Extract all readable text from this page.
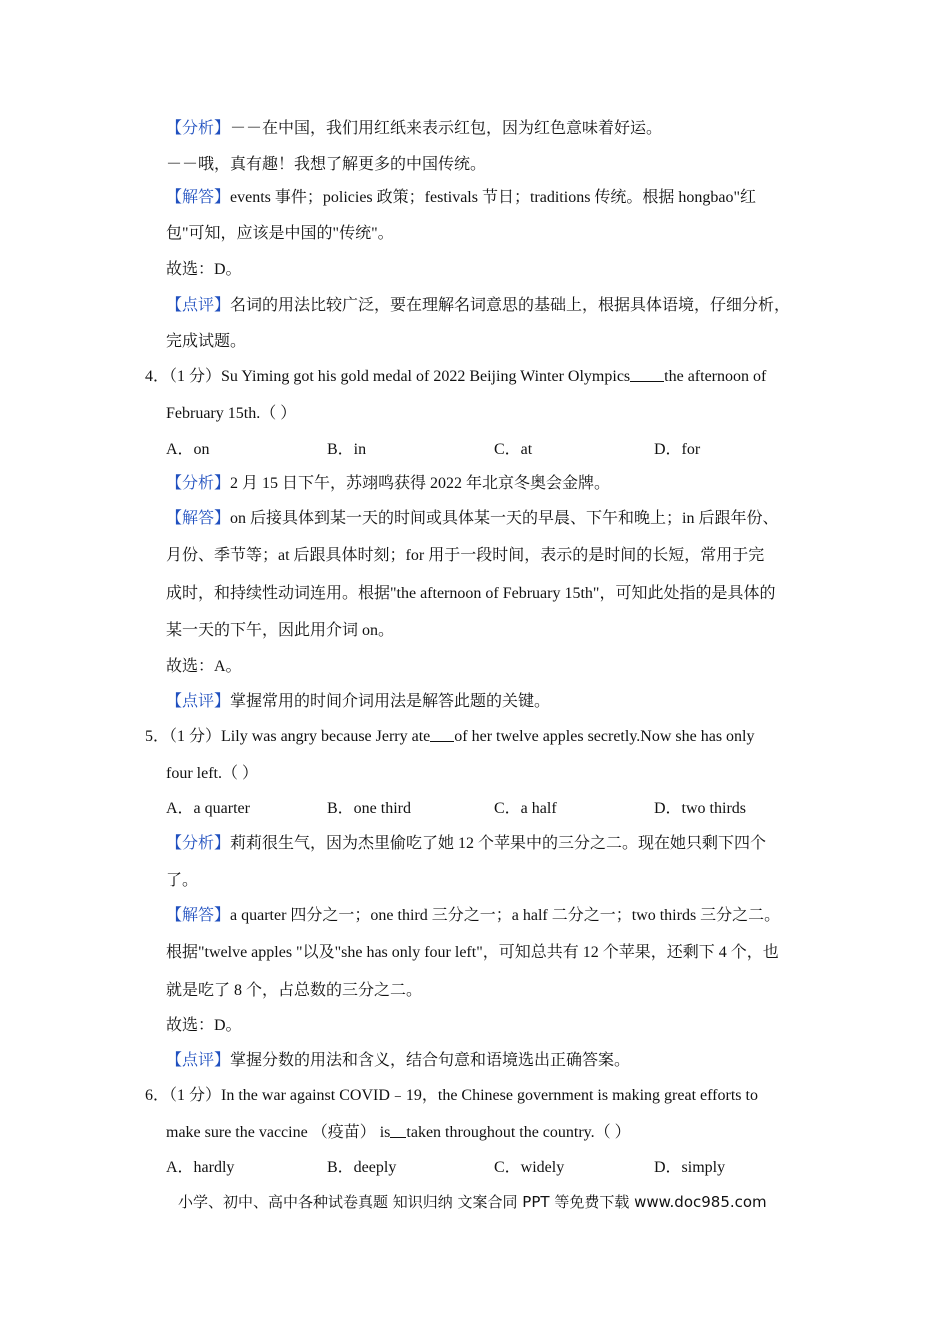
【分析】－－在中国，我们用红纸来表示红包，因为红色意味着好运。
－－哦，真有趣！我想了解更多的中国传统。
【解答】events 事件；policies 政策；festivals 节日；traditions 传统。根据 hongbao"红
包"可知，应该是中国的"传统"。
故选：D。
【点评】名词的用法比较广泛，要在理解名词意思的基础上，根据具体语境，仔细分析，
完成试题。
4．（1 分）Su Yiming got his gold medal of 2022 Beijing Winter Olympics the afternoon of
February 15th.（ ）
A．on	B．in	C．at	D．for
【分析】2 月 15 日下午，苏翊鸣获得 2022 年北京冬奥会金牌。
【解答】on 后接具体到某一天的时间或具体某一天的早晨、下午和晚上；in 后跟年份、
月份、季节等；at 后跟具体时刻；for 用于一段时间，表示的是时间的长短，常用于完
成时，和持续性动词连用。根据"the afternoon of February 15th"，可知此处指的是具体的
某一天的下午，因此用介词 on。
故选：A。
【点评】掌握常用的时间介词用法是解答此题的关键。
5．（1 分）Lily was angry because Jerry ate of her twelve apples secretly.Now she has only
four left.（ ）
A．a quarter	B．one third	C．a half	D．two thirds
【分析】莉莉很生气，因为杰里偷吃了她 12 个苹果中的三分之二。现在她只剩下四个
了。
【解答】a quarter 四分之一；one third 三分之一；a half 二分之一；two thirds 三分之二。
根据"twelve apples "以及"she has only four left"，可知总共有 12 个苹果，还剩下 4 个，也
就是吃了 8 个，占总数的三分之二。
故选：D。
【点评】掌握分数的用法和含义，结合句意和语境选出正确答案。
6．（1 分）In the war against COVID﹣19，the Chinese government is making great efforts to
make sure the vaccine （疫苗） is taken throughout the country.（ ）
A．hardly	B．deeply	C．widely	D．simply
小学、初中、高中各种试卷真题 知识归纳 文案合同 PPT 等免费下载 www.doc985.com
